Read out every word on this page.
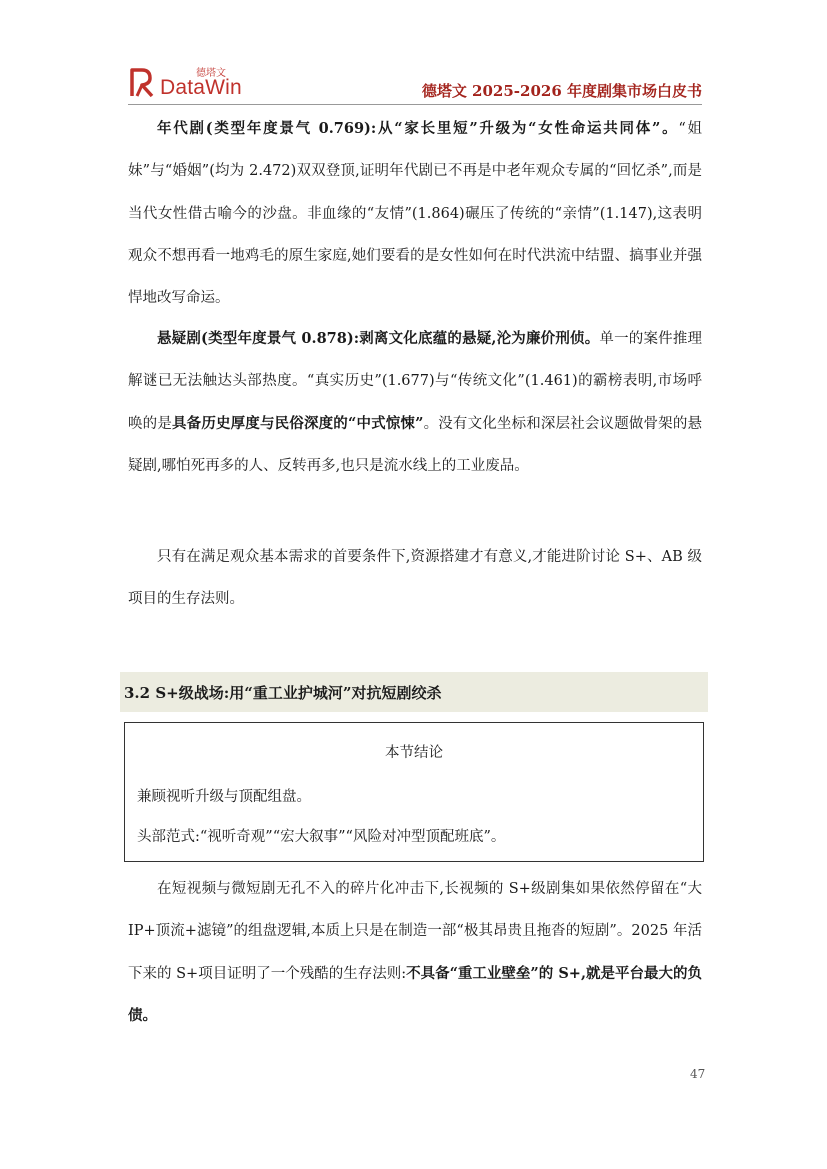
德塔文
DataWin	德塔文 2025-2026 年度剧集市场白皮书

年代剧(类型年度景气 0.769):从“家长里短”升级为“女性命运共同体”。“姐妹”与“婚姻”(均为 2.472)双双登顶,证明年代剧已不再是中老年观众专属的“回忆杀”,而是当代女性借古喻今的沙盘。非血缘的“友情”(1.864)碾压了传统的“亲情”(1.147),这表明观众不想再看一地鸡毛的原生家庭,她们要看的是女性如何在时代洪流中结盟、搞事业并强悍地改写命运。

悬疑剧(类型年度景气 0.878):剥离文化底蕴的悬疑,沦为廉价刑侦。单一的案件推理解谜已无法触达头部热度。“真实历史”(1.677)与“传统文化”(1.461)的霸榜表明,市场呼唤的是具备历史厚度与民俗深度的“中式惊悚”。没有文化坐标和深层社会议题做骨架的悬疑剧,哪怕死再多的人、反转再多,也只是流水线上的工业废品。

只有在满足观众基本需求的首要条件下,资源搭建才有意义,才能进阶讨论 S+、AB 级项目的生存法则。

3.2 S+级战场:用“重工业护城河”对抗短剧绞杀
本节结论
兼顾视听升级与顶配组盘。
头部范式:“视听奇观”“宏大叙事”“风险对冲型顶配班底”。

在短视频与微短剧无孔不入的碎片化冲击下,长视频的 S+级剧集如果依然停留在“大 IP+顶流+滤镜”的组盘逻辑,本质上只是在制造一部“极其昂贵且拖沓的短剧”。2025 年活下来的 S+项目证明了一个残酷的生存法则:不具备“重工业壁垒”的 S+,就是平台最大的负债。

47
